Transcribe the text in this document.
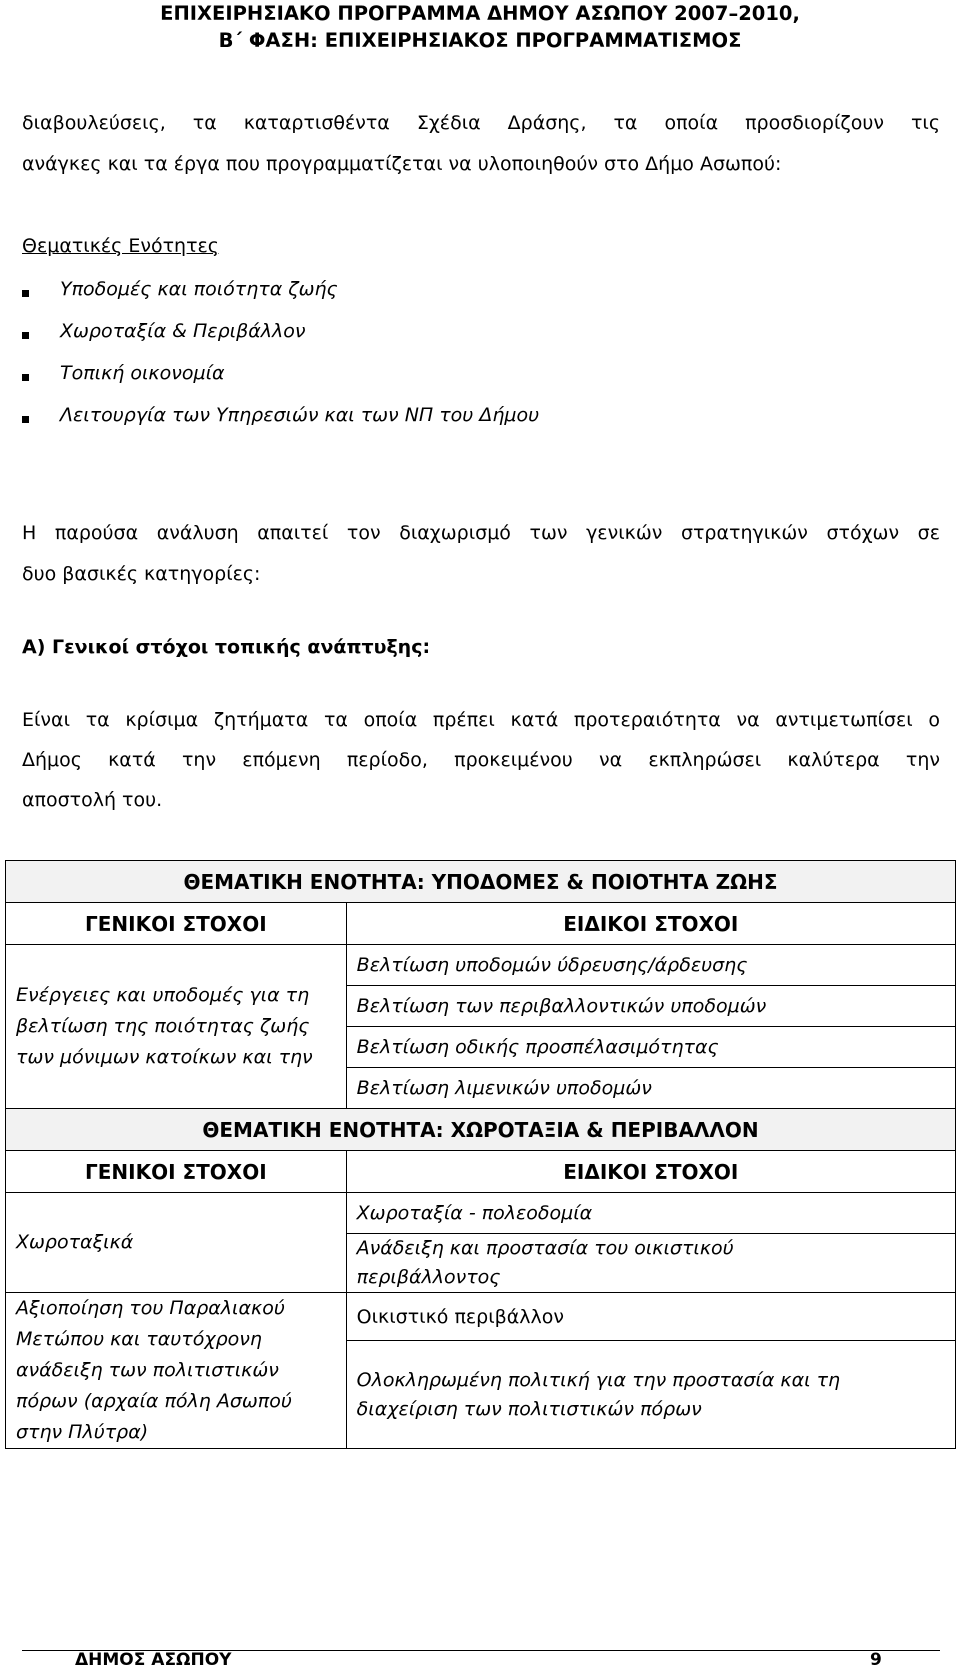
ΕΠΙΧΕΙΡΗΣΙΑΚΟ ΠΡΟΓΡΑΜΜΑ ΔΗΜΟΥ ΑΣΩΠΟΥ 2007–2010,
Β΄ ΦΑΣΗ: ΕΠΙΧΕΙΡΗΣΙΑΚΟΣ ΠΡΟΓΡΑΜΜΑΤΙΣΜΟΣ
διαβουλεύσεις, τα καταρτισθέντα Σχέδια Δράσης, τα οποία προσδιορίζουν τις
ανάγκες και τα έργα που προγραμματίζεται να υλοποιηθούν στο Δήμο Ασωπού:
Θεματικές Ενότητες
Υποδομές και ποιότητα ζωής
Χωροταξία & Περιβάλλον
Τοπική οικονομία
Λειτουργία των Υπηρεσιών και των ΝΠ του Δήμου
Η παρούσα ανάλυση απαιτεί τον διαχωρισμό των γενικών στρατηγικών στόχων σε
δυο βασικές κατηγορίες:
Α) Γενικοί στόχοι τοπικής ανάπτυξης:
Είναι τα κρίσιμα ζητήματα τα οποία πρέπει κατά προτεραιότητα να αντιμετωπίσει ο
Δήμος κατά την επόμενη περίοδο, προκειμένου να εκπληρώσει καλύτερα την
αποστολή του.
ΘΕΜΑΤΙΚΗ ΕΝΟΤΗΤΑ: ΥΠΟΔΟΜΕΣ & ΠΟΙΟΤΗΤΑ ΖΩΗΣ	
ΓΕΝΙΚΟΙ ΣΤΟΧΟΙ	ΕΙΔΙΚΟΙ ΣΤΟΧΟΙ

Ενέργειες και υποδομές για τη
βελτίωση της ποιότητας ζωής
των μόνιμων κατοίκων και την	Βελτίωση υποδομών ύδρευσης/άρδευσης
	Βελτίωση των περιβαλλοντικών υποδομών
	Βελτίωση οδικής προσπέλασιμότητας
	Βελτίωση λιμενικών υποδομών
ΘΕΜΑΤΙΚΗ ΕΝΟΤΗΤΑ: ΧΩΡΟΤΑΞΙΑ & ΠΕΡΙΒΑΛΛΟΝ	
ΓΕΝΙΚΟΙ ΣΤΟΧΟΙ	ΕΙΔΙΚΟΙ ΣΤΟΧΟΙ
Χωροταξικά	Χωροταξία - πολεοδομία

	Ανάδειξη και προστασία του οικιστικού
περιβάλλοντος

Αξιοποίηση του Παραλιακού
Μετώπου και ταυτόχρονη
ανάδειξη των πολιτιστικών
πόρων (αρχαία πόλη Ασωπού
στην Πλύτρα)	Οικιστικό περιβάλλον

	Ολοκληρωμένη πολιτική για την προστασία και τη
διαχείριση των πολιτιστικών πόρων
ΔΗΜΟΣ ΑΣΩΠΟΥ	9
